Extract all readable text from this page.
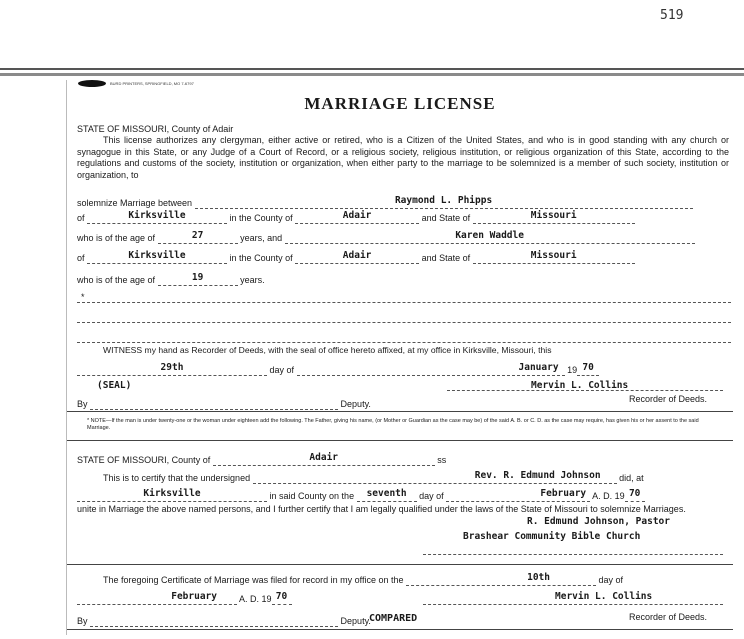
519
BURD PRINTERS, SPRINGFIELD, MO 7-6797
MARRIAGE LICENSE
STATE OF MISSOURI, County of Adair
This license authorizes any clergyman, either active or retired, who is a Citizen of the United States, and who is in good standing with any church or synagogue in this State, or any Judge of a Court of Record, or a religious society, religious institution, or religious organization of this State, according to the regulations and customs of the society, institution or organization, when either party to the marriage to be solemnized is a member of such society, institution or organization, to
solemnize Marriage between	Raymond L. Phipps
of	Kirksville	in the County of	Adair	and State of	Missouri
who is of the age of	27	years, and	Karen Waddle
of	Kirksville	in the County of	Adair	and State of	Missouri
who is of the age of	19	years.
*
WITNESS my hand as Recorder of Deeds, with the seal of office hereto affixed, at my office in Kirksville, Missouri, this
29th	day of	January 19 70
(SEAL)	Mervin L. Collins
By	Deputy.	Recorder of Deeds.
* NOTE—If the man is under twenty-one or the woman under eighteen add the following. The Father, giving his name, (or Mother or Guardian as the case may be) of the said A. B. or C. D. as the case may require, has given his or her assent to the said Marriage.
STATE OF MISSOURI, County of	Adair	ss
This is to certify that the undersigned	Rev. R. Edmund Johnson	did, at
Kirksville	in said County on the	seventh	day of	February A. D. 19 70
unite in Marriage the above named persons, and I further certify that I am legally qualified under the laws of the State of Missouri to solemnize Marriages.
R. Edmund Johnson, Pastor
Brashear Community Bible Church
The foregoing Certificate of Marriage was filed for record in my office on the	10th	day of
February	A. D. 19 70	Mervin L. Collins
By	Deputy.
COMPARED	Recorder of Deeds.
